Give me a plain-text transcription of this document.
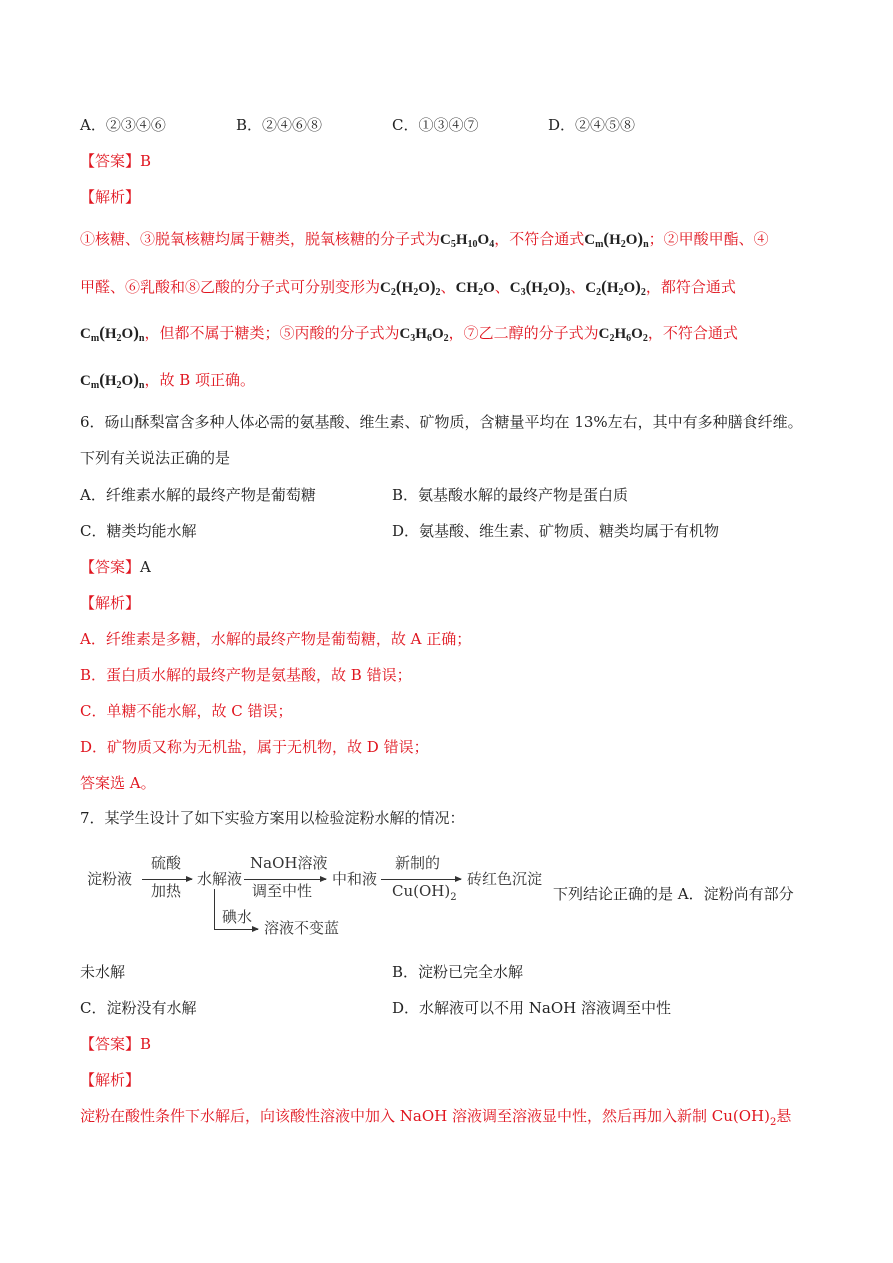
A．②③④⑥	B．②④⑥⑧	C．①③④⑦	D．②④⑤⑧
【答案】B
【解析】
①核糖、③脱氧核糖均属于糖类，脱氧核糖的分子式为$C_5H_{10}O_4$，不符合通式$C_m(H_2O)_n$；②甲酸甲酯、④
甲醛、⑥乳酸和⑧乙酸的分子式可分别变形为$C_2(H_2O)_2$、$CH_2O$、$C_3(H_2O)_3$、$C_2(H_2O)_2$，都符合通式
$C_m(H_2O)_n$，但都不属于糖类；⑤丙酸的分子式为$C_3H_6O_2$，⑦乙二醇的分子式为$C_2H_6O_2$，不符合通式
$C_m(H_2O)_n$，故 B 项正确。
6．砀山酥梨富含多种人体必需的氨基酸、维生素、矿物质，含糖量平均在 13%左右，其中有多种膳食纤维。
下列有关说法正确的是
A．纤维素水解的最终产物是葡萄糖	B．氨基酸水解的最终产物是蛋白质
C．糖类均能水解	D．氨基酸、维生素、矿物质、糖类均属于有机物
【答案】A
【解析】
A．纤维素是多糖，水解的最终产物是葡萄糖，故 A 正确；
B．蛋白质水解的最终产物是氨基酸，故 B 错误；
C．单糖不能水解，故 C 错误；
D．矿物质又称为无机盐，属于无机物，故 D 错误；
答案选 A。
7．某学生设计了如下实验方案用以检验淀粉水解的情况：
淀粉液
硫酸
加热
水解液
NaOH溶液
调至中性
中和液
新制的
$Cu(OH)_2$
砖红色沉淀
碘水
溶液不变蓝
下列结论正确的是 A．淀粉尚有部分
未水解	B．淀粉已完全水解
C．淀粉没有水解	D．水解液可以不用 NaOH 溶液调至中性
【答案】B
【解析】
淀粉在酸性条件下水解后，向该酸性溶液中加入 NaOH 溶液调至溶液显中性，然后再加入新制 $Cu(OH)_2$悬
